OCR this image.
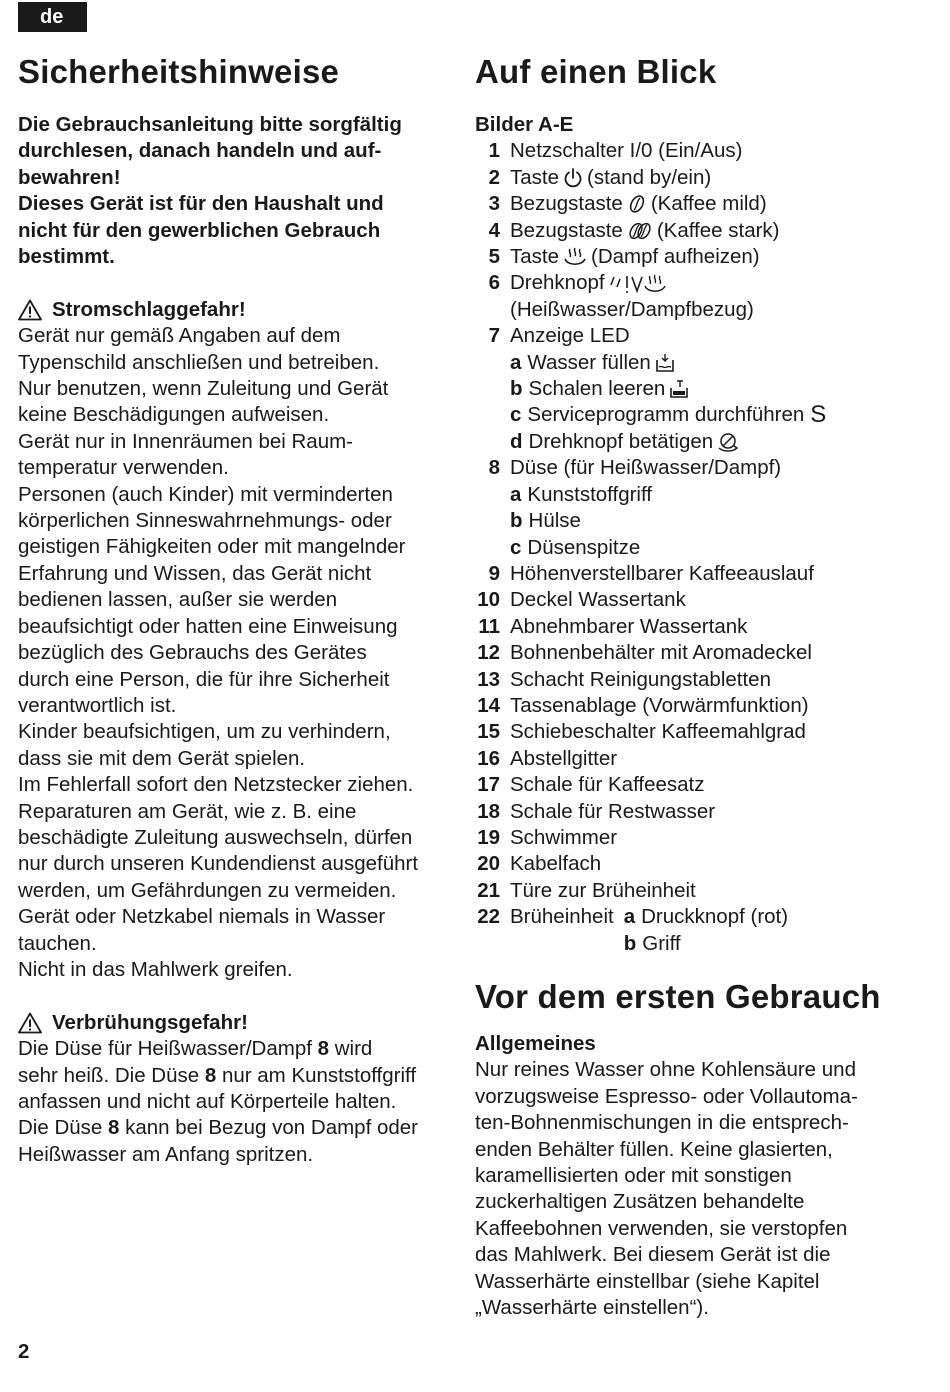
de
Sicherheitshinweise
Die Gebrauchsanleitung bitte sorgfältig
durchlesen, danach handeln und auf-
bewahren!
Dieses Gerät ist für den Haushalt und
nicht für den gewerblichen Gebrauch
bestimmt.
Stromschlaggefahr!
Gerät nur gemäß Angaben auf dem
Typenschild anschließen und betreiben.
Nur benutzen, wenn Zuleitung und Gerät
keine Beschädigungen aufweisen.
Gerät nur in Innenräumen bei Raum-
temperatur verwenden.
Personen (auch Kinder) mit verminderten
körperlichen Sinneswahrnehmungs- oder
geistigen Fähigkeiten oder mit mangelnder
Erfahrung und Wissen, das Gerät nicht
bedienen lassen, außer sie werden
beaufsichtigt oder hatten eine Einweisung
bezüglich des Gebrauchs des Gerätes
durch eine Person, die für ihre Sicherheit
verantwortlich ist.
Kinder beaufsichtigen, um zu verhindern,
dass sie mit dem Gerät spielen.
Im Fehlerfall sofort den Netzstecker ziehen.
Reparaturen am Gerät, wie z. B. eine
beschädigte Zuleitung auswechseln, dürfen
nur durch unseren Kundendienst ausgeführt
werden, um Gefährdungen zu vermeiden.
Gerät oder Netzkabel niemals in Wasser
tauchen.
Nicht in das Mahlwerk greifen.
Verbrühungsgefahr!
Die Düse für Heißwasser/Dampf 8 wird
sehr heiß. Die Düse 8 nur am Kunststoffgriff
anfassen und nicht auf Körperteile halten.
Die Düse 8 kann bei Bezug von Dampf oder
Heißwasser am Anfang spritzen.
Auf einen Blick
Bilder A-E
1 Netzschalter I/0 (Ein/Aus)
2 Taste (stand by/ein)
3 Bezugstaste (Kaffee mild)
4 Bezugstaste (Kaffee stark)
5 Taste (Dampf aufheizen)
6 Drehknopf
(Heißwasser/Dampfbezug)
7 Anzeige LED
a Wasser füllen
b Schalen leeren
c Serviceprogramm durchführen S
d Drehknopf betätigen
8 Düse (für Heißwasser/Dampf)
a Kunststoffgriff
b Hülse
c Düsenspitze
9 Höhenverstellbarer Kaffeeauslauf
10 Deckel Wassertank
11 Abnehmbarer Wassertank
12 Bohnenbehälter mit Aromadeckel
13 Schacht Reinigungstabletten
14 Tassenablage (Vorwärmfunktion)
15 Schiebeschalter Kaffeemahlgrad
16 Abstellgitter
17 Schale für Kaffeesatz
18 Schale für Restwasser
19 Schwimmer
20 Kabelfach
21 Türe zur Brüheinheit
22 Brüheinheit a Druckknopf (rot)
b Griff
Vor dem ersten Gebrauch
Allgemeines
Nur reines Wasser ohne Kohlensäure und
vorzugsweise Espresso- oder Vollautoma-
ten-Bohnenmischungen in die entsprech-
enden Behälter füllen. Keine glasierten,
karamellisierten oder mit sonstigen
zuckerhaltigen Zusätzen behandelte
Kaffeebohnen verwenden, sie verstopfen
das Mahlwerk. Bei diesem Gerät ist die
Wasserhärte einstellbar (siehe Kapitel
„Wasserhärte einstellen“).
2
